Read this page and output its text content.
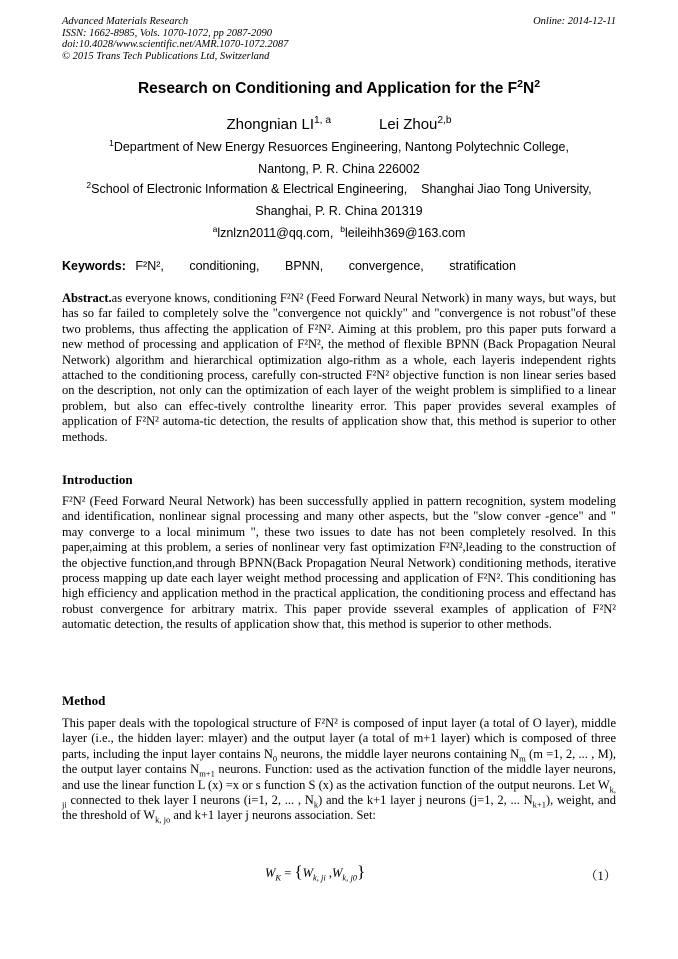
Advanced Materials Research
ISSN: 1662-8985, Vols. 1070-1072, pp 2087-2090
doi:10.4028/www.scientific.net/AMR.1070-1072.2087
© 2015 Trans Tech Publications Ltd, Switzerland
Online: 2014-12-11
Research on Conditioning and Application for the $F^2N^2$
Zhongnian LI$^{1, a}$	Lei Zhou$^{2,b}$
$^1$Department of New Energy Resuorces Engineering, Nantong Polytechnic College,
Nantong, P. R. China 226002
$^2$School of Electronic Information & Electrical Engineering,    Shanghai Jiao Tong University,
Shanghai, P. R. China 201319
$^a$lznlzn2011@qq.com, $^b$leileihh369@163.com
Keywords: F²N², conditioning, BPNN, convergence, stratification
Abstract.as everyone knows, conditioning F²N² (Feed Forward Neural Network) in many ways, but ways, but has so far failed to completely solve the "convergence not quickly" and "convergence is not robust"of these two problems, thus affecting the application of F²N². Aiming at this problem, pro this paper puts forward a new method of processing and application of F²N², the method of flexible BPNN (Back Propagation Neural Network) algorithm and hierarchical optimization algo-rithm as a whole, each layeris independent rights attached to the conditioning process, carefully con-structed F²N² objective function is non linear series based on the description, not only can the optimization of each layer of the weight problem is simplified to a linear problem, but also can effec-tively controlthe linearity error. This paper provides several examples of application of F²N² automa-tic detection, the results of application show that, this method is superior to other methods.
Introduction
F²N² (Feed Forward Neural Network) has been successfully applied in pattern recognition, system modeling and identification, nonlinear signal processing and many other aspects, but the "slow conver -gence" and " may converge to a local minimum ", these two issues to date has not been completely resolved. In this paper,aiming at this problem, a series of nonlinear very fast optimization F²N²,leading to the construction of the objective function,and through BPNN(Back Propagation Neural Network) conditioning methods, iterative process mapping up date each layer weight method processing and application of F²N². This conditioning has high efficiency and application method in the practical application, the conditioning process and effectand has robust convergence for arbitrary matrix. This paper provide sseveral examples of application of F²N² automatic detection, the results of application show that, this method is superior to other methods.
Method
This paper deals with the topological structure of F²N² is composed of input layer (a total of O layer), middle layer (i.e., the hidden layer: mlayer) and the output layer (a total of m+1 layer) which is composed of three parts, including the input layer contains $N_0$ neurons, the middle layer neurons containing $N_m$ (m =1, 2, ... , M), the output layer contains $N_{m+1}$ neurons. Function: used as the activation function of the middle layer neurons, and use the linear function L (x) =x or s function S (x) as the activation function of the output neurons. Let $W_{k, ji}$ connected to thek layer I neurons (i=1, 2, ... , $N_k$) and the k+1 layer j neurons (j=1, 2, ... $N_{k+1}$), weight, and the threshold of $W_{k, jo}$ and k+1 layer j neurons association. Set:
$W_K = \{W_{k, ji}$ $,W_{k, j0}$}	（1）
